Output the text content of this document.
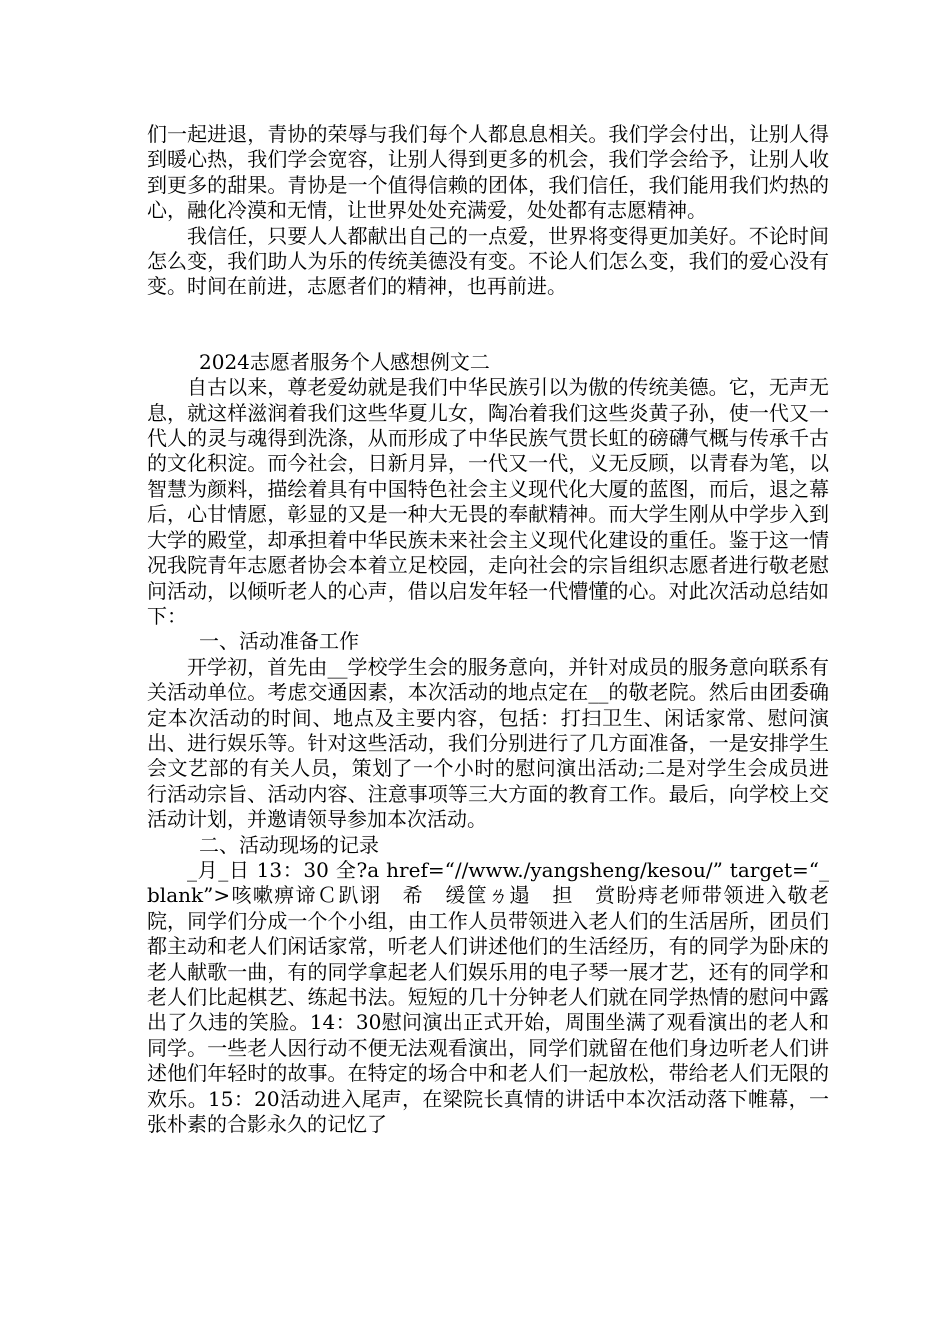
们一起进退，青协的荣辱与我们每个人都息息相关。我们学会付出，让别人得到暖心热，我们学会宽容，让别人得到更多的机会，我们学会给予，让别人收到更多的甜果。青协是一个值得信赖的团体，我们信任，我们能用我们灼热的心，融化冷漠和无情，让世界处处充满爱，处处都有志愿精神。

我信任，只要人人都献出自己的一点爱，世界将变得更加美好。不论时间怎么变，我们助人为乐的传统美德没有变。不论人们怎么变，我们的爱心没有变。时间在前进，志愿者们的精神，也再前进。

2024志愿者服务个人感想例文二

自古以来，尊老爱幼就是我们中华民族引以为傲的传统美德。它，无声无息，就这样滋润着我们这些华夏儿女，陶冶着我们这些炎黄子孙，使一代又一代人的灵与魂得到洗涤，从而形成了中华民族气贯长虹的磅礴气概与传承千古的文化积淀。而今社会，日新月异，一代又一代，义无反顾，以青春为笔，以智慧为颜料，描绘着具有中国特色社会主义现代化大厦的蓝图，而后，退之幕后，心甘情愿，彰显的又是一种大无畏的奉献精神。而大学生刚从中学步入到大学的殿堂，却承担着中华民族未来社会主义现代化建设的重任。鉴于这一情况我院青年志愿者协会本着立足校园，走向社会的宗旨组织志愿者进行敬老慰问活动，以倾听老人的心声，借以启发年轻一代懵懂的心。对此次活动总结如下：

一、活动准备工作

开学初，首先由__学校学生会的服务意向，并针对成员的服务意向联系有关活动单位。考虑交通因素，本次活动的地点定在__的敬老院。然后由团委确定本次活动的时间、地点及主要内容，包括：打扫卫生、闲话家常、慰问演出、进行娱乐等。针对这些活动，我们分别进行了几方面准备，一是安排学生会文艺部的有关人员，策划了一个小时的慰问演出活动;二是对学生会成员进行活动宗旨、活动内容、注意事项等三大方面的教育工作。最后，向学校上交活动计划，并邀请领导参加本次活动。

二、活动现场的记录

_月_日 13：30 全?a href=“//www./yangsheng/kesou/” target=“_blank”>咳嗽痹谛Ｃ趴诩　希　缓筐ㄌ遢　担　赏盼痔老师带领进入敬老院，同学们分成一个个小组，由工作人员带领进入老人们的生活居所，团员们都主动和老人们闲话家常，听老人们讲述他们的生活经历，有的同学为卧床的老人献歌一曲，有的同学拿起老人们娱乐用的电子琴一展才艺，还有的同学和老人们比起棋艺、练起书法。短短的几十分钟老人们就在同学热情的慰问中露出了久违的笑脸。14：30慰问演出正式开始，周围坐满了观看演出的老人和同学。一些老人因行动不便无法观看演出，同学们就留在他们身边听老人们讲述他们年轻时的故事。在特定的场合中和老人们一起放松，带给老人们无限的欢乐。15：20活动进入尾声，在梁院长真情的讲话中本次活动落下帷幕，一张朴素的合影永久的记忆了
